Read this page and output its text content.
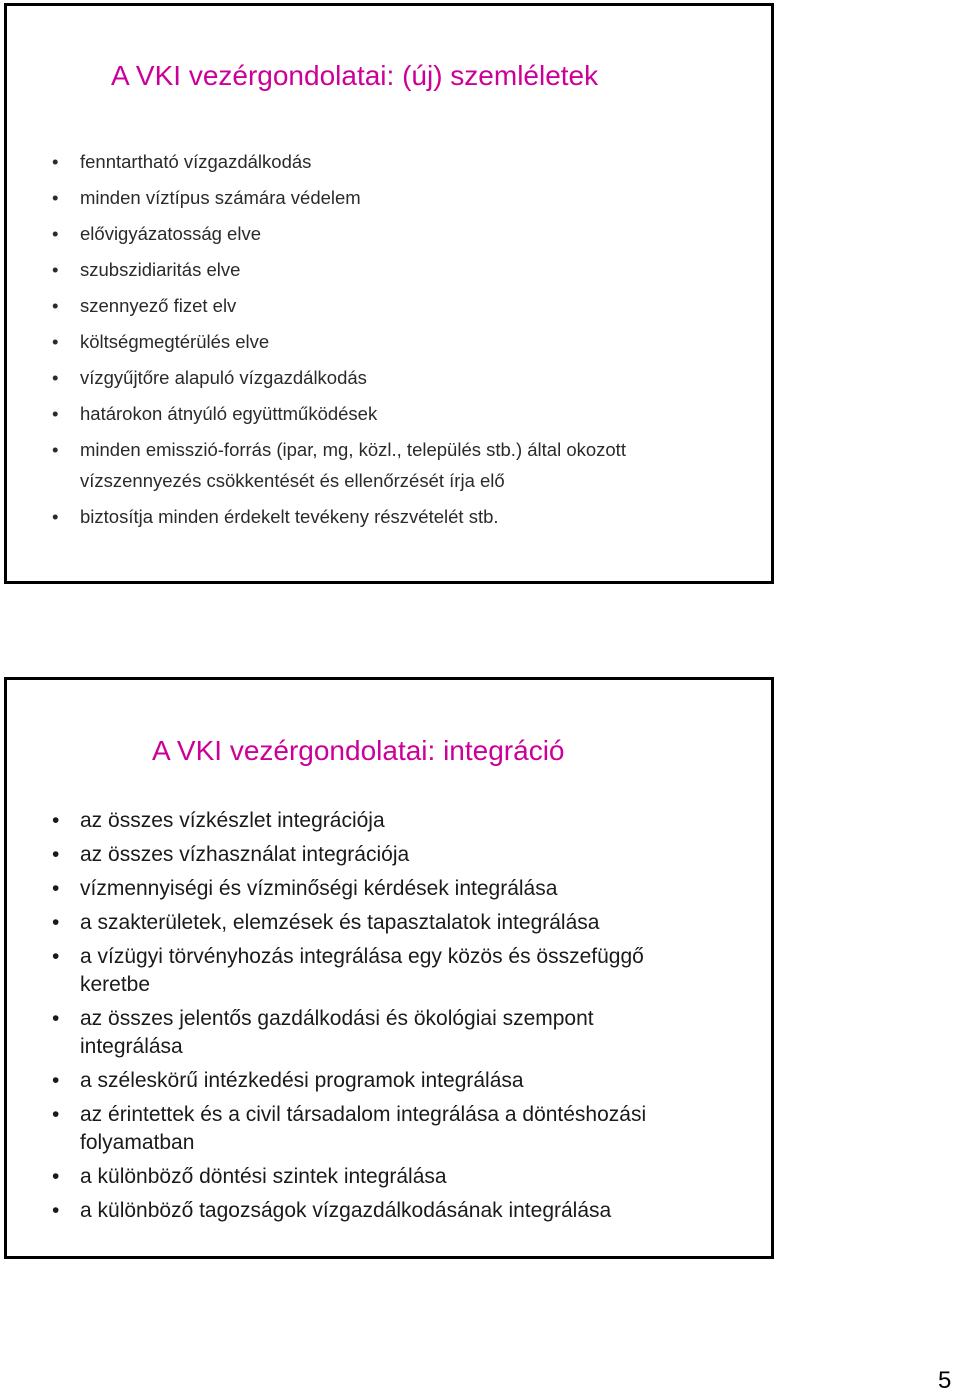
A VKI vezérgondolatai: (új) szemléletek
• fenntartható vízgazdálkodás
• minden víztípus számára védelem
• elővigyázatosság elve
• szubszidiaritás elve
• szennyező fizet elv
• költségmegtérülés elve
• vízgyűjtőre alapuló vízgazdálkodás
• határokon átnyúló együttműködések
• minden emisszió-forrás (ipar, mg, közl., település stb.) által okozott
vízszennyezés csökkentését és ellenőrzését írja elő
• biztosítja minden érdekelt tevékeny részvételét stb.
A VKI vezérgondolatai: integráció
• az összes vízkészlet integrációja
• az összes vízhasználat integrációja
• vízmennyiségi és vízminőségi kérdések integrálása
• a szakterületek, elemzések és tapasztalatok integrálása
• a vízügyi törvényhozás integrálása egy közös és összefüggő
keretbe
• az összes jelentős gazdálkodási és ökológiai szempont
integrálása
• a széleskörű intézkedési programok integrálása
• az érintettek és a civil társadalom integrálása a döntéshozási
folyamatban
• a különböző döntési szintek integrálása
• a különböző tagozságok vízgazdálkodásának integrálása
5
